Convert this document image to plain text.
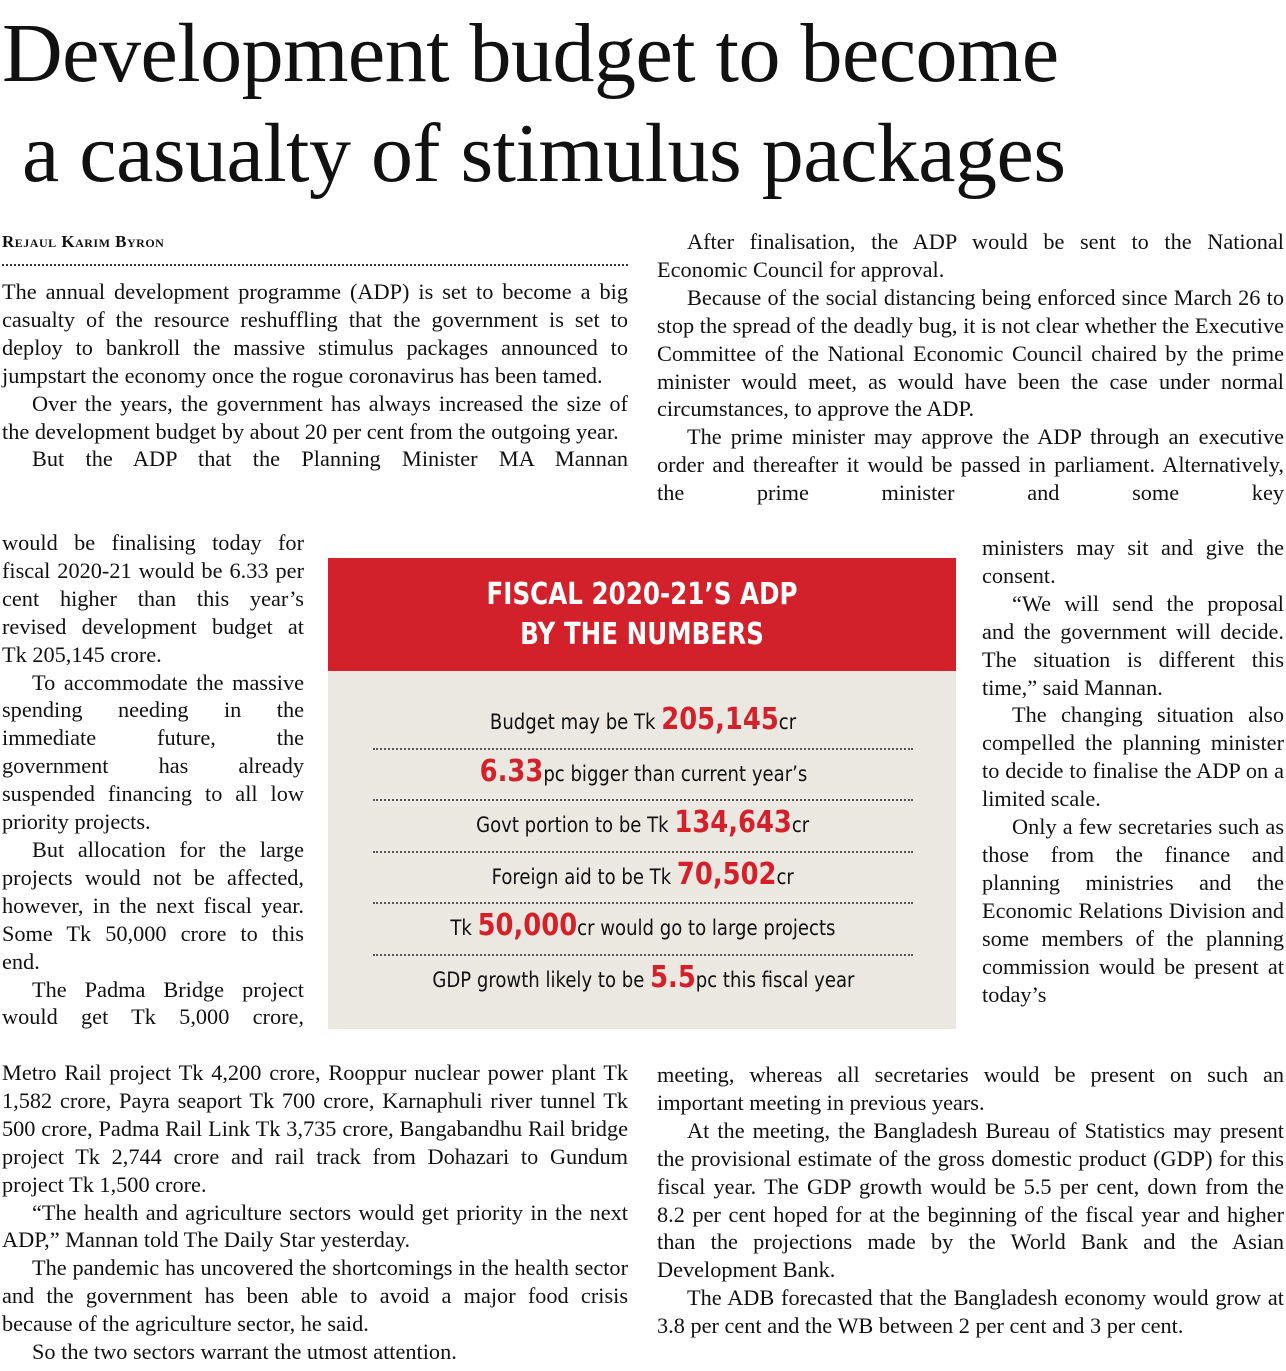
Development budget to become
a casualty of stimulus packages
Rejaul Karim Byron

The annual development programme (ADP) is set to become a big casualty of the resource reshuffling that the government is set to deploy to bankroll the massive stimulus packages announced to jumpstart the economy once the rogue coronavirus has been tamed.

Over the years, the government has always increased the size of the development budget by about 20 per cent from the outgoing year.

But the ADP that the Planning Minister MA Mannan

would be finalising today for fiscal 2020-21 would be 6.33 per cent higher than this year’s revised development budget at Tk 205,145 crore.

To accommodate the massive spending needing in the immediate future, the government has already suspended financing to all low priority projects.

But allocation for the large projects would not be affected, however, in the next fiscal year. Some Tk 50,000 crore to this end.

The Padma Bridge project would get Tk 5,000 crore,

Metro Rail project Tk 4,200 crore, Rooppur nuclear power plant Tk 1,582 crore, Payra seaport Tk 700 crore, Karnaphuli river tunnel Tk 500 crore, Padma Rail Link Tk 3,735 crore, Bangabandhu Rail bridge project Tk 2,744 crore and rail track from Dohazari to Gundum project Tk 1,500 crore.

“The health and agriculture sectors would get priority in the next ADP,” Mannan told The Daily Star yesterday.

The pandemic has uncovered the shortcomings in the health sector and the government has been able to avoid a major food crisis because of the agriculture sector, he said.

So the two sectors warrant the utmost attention.

After finalisation, the ADP would be sent to the National Economic Council for approval.

Because of the social distancing being enforced since March 26 to stop the spread of the deadly bug, it is not clear whether the Executive Committee of the National Economic Council chaired by the prime minister would meet, as would have been the case under normal circumstances, to approve the ADP.

The prime minister may approve the ADP through an executive order and thereafter it would be passed in parliament. Alternatively, the prime minister and some key

ministers may sit and give the consent.

“We will send the proposal and the government will decide. The situation is different this time,” said Mannan.

The changing situation also compelled the planning minister to decide to finalise the ADP on a limited scale.

Only a few secretaries such as those from the finance and planning ministries and the Economic Relations Division and some members of the planning commission would be present at today’s

meeting, whereas all secretaries would be present on such an important meeting in previous years.

At the meeting, the Bangladesh Bureau of Statistics may present the provisional estimate of the gross domestic product (GDP) for this fiscal year. The GDP growth would be 5.5 per cent, down from the 8.2 per cent hoped for at the beginning of the fiscal year and higher than the projections made by the World Bank and the Asian Development Bank.

The ADB forecasted that the Bangladesh economy would grow at 3.8 per cent and the WB between 2 per cent and 3 per cent.

FISCAL 2020-21’S ADP
BY THE NUMBERS
Budget may be Tk 205,145cr
6.33pc bigger than current year’s
Govt portion to be Tk 134,643cr
Foreign aid to be Tk 70,502cr
Tk 50,000cr would go to large projects
GDP growth likely to be 5.5pc this fiscal year
